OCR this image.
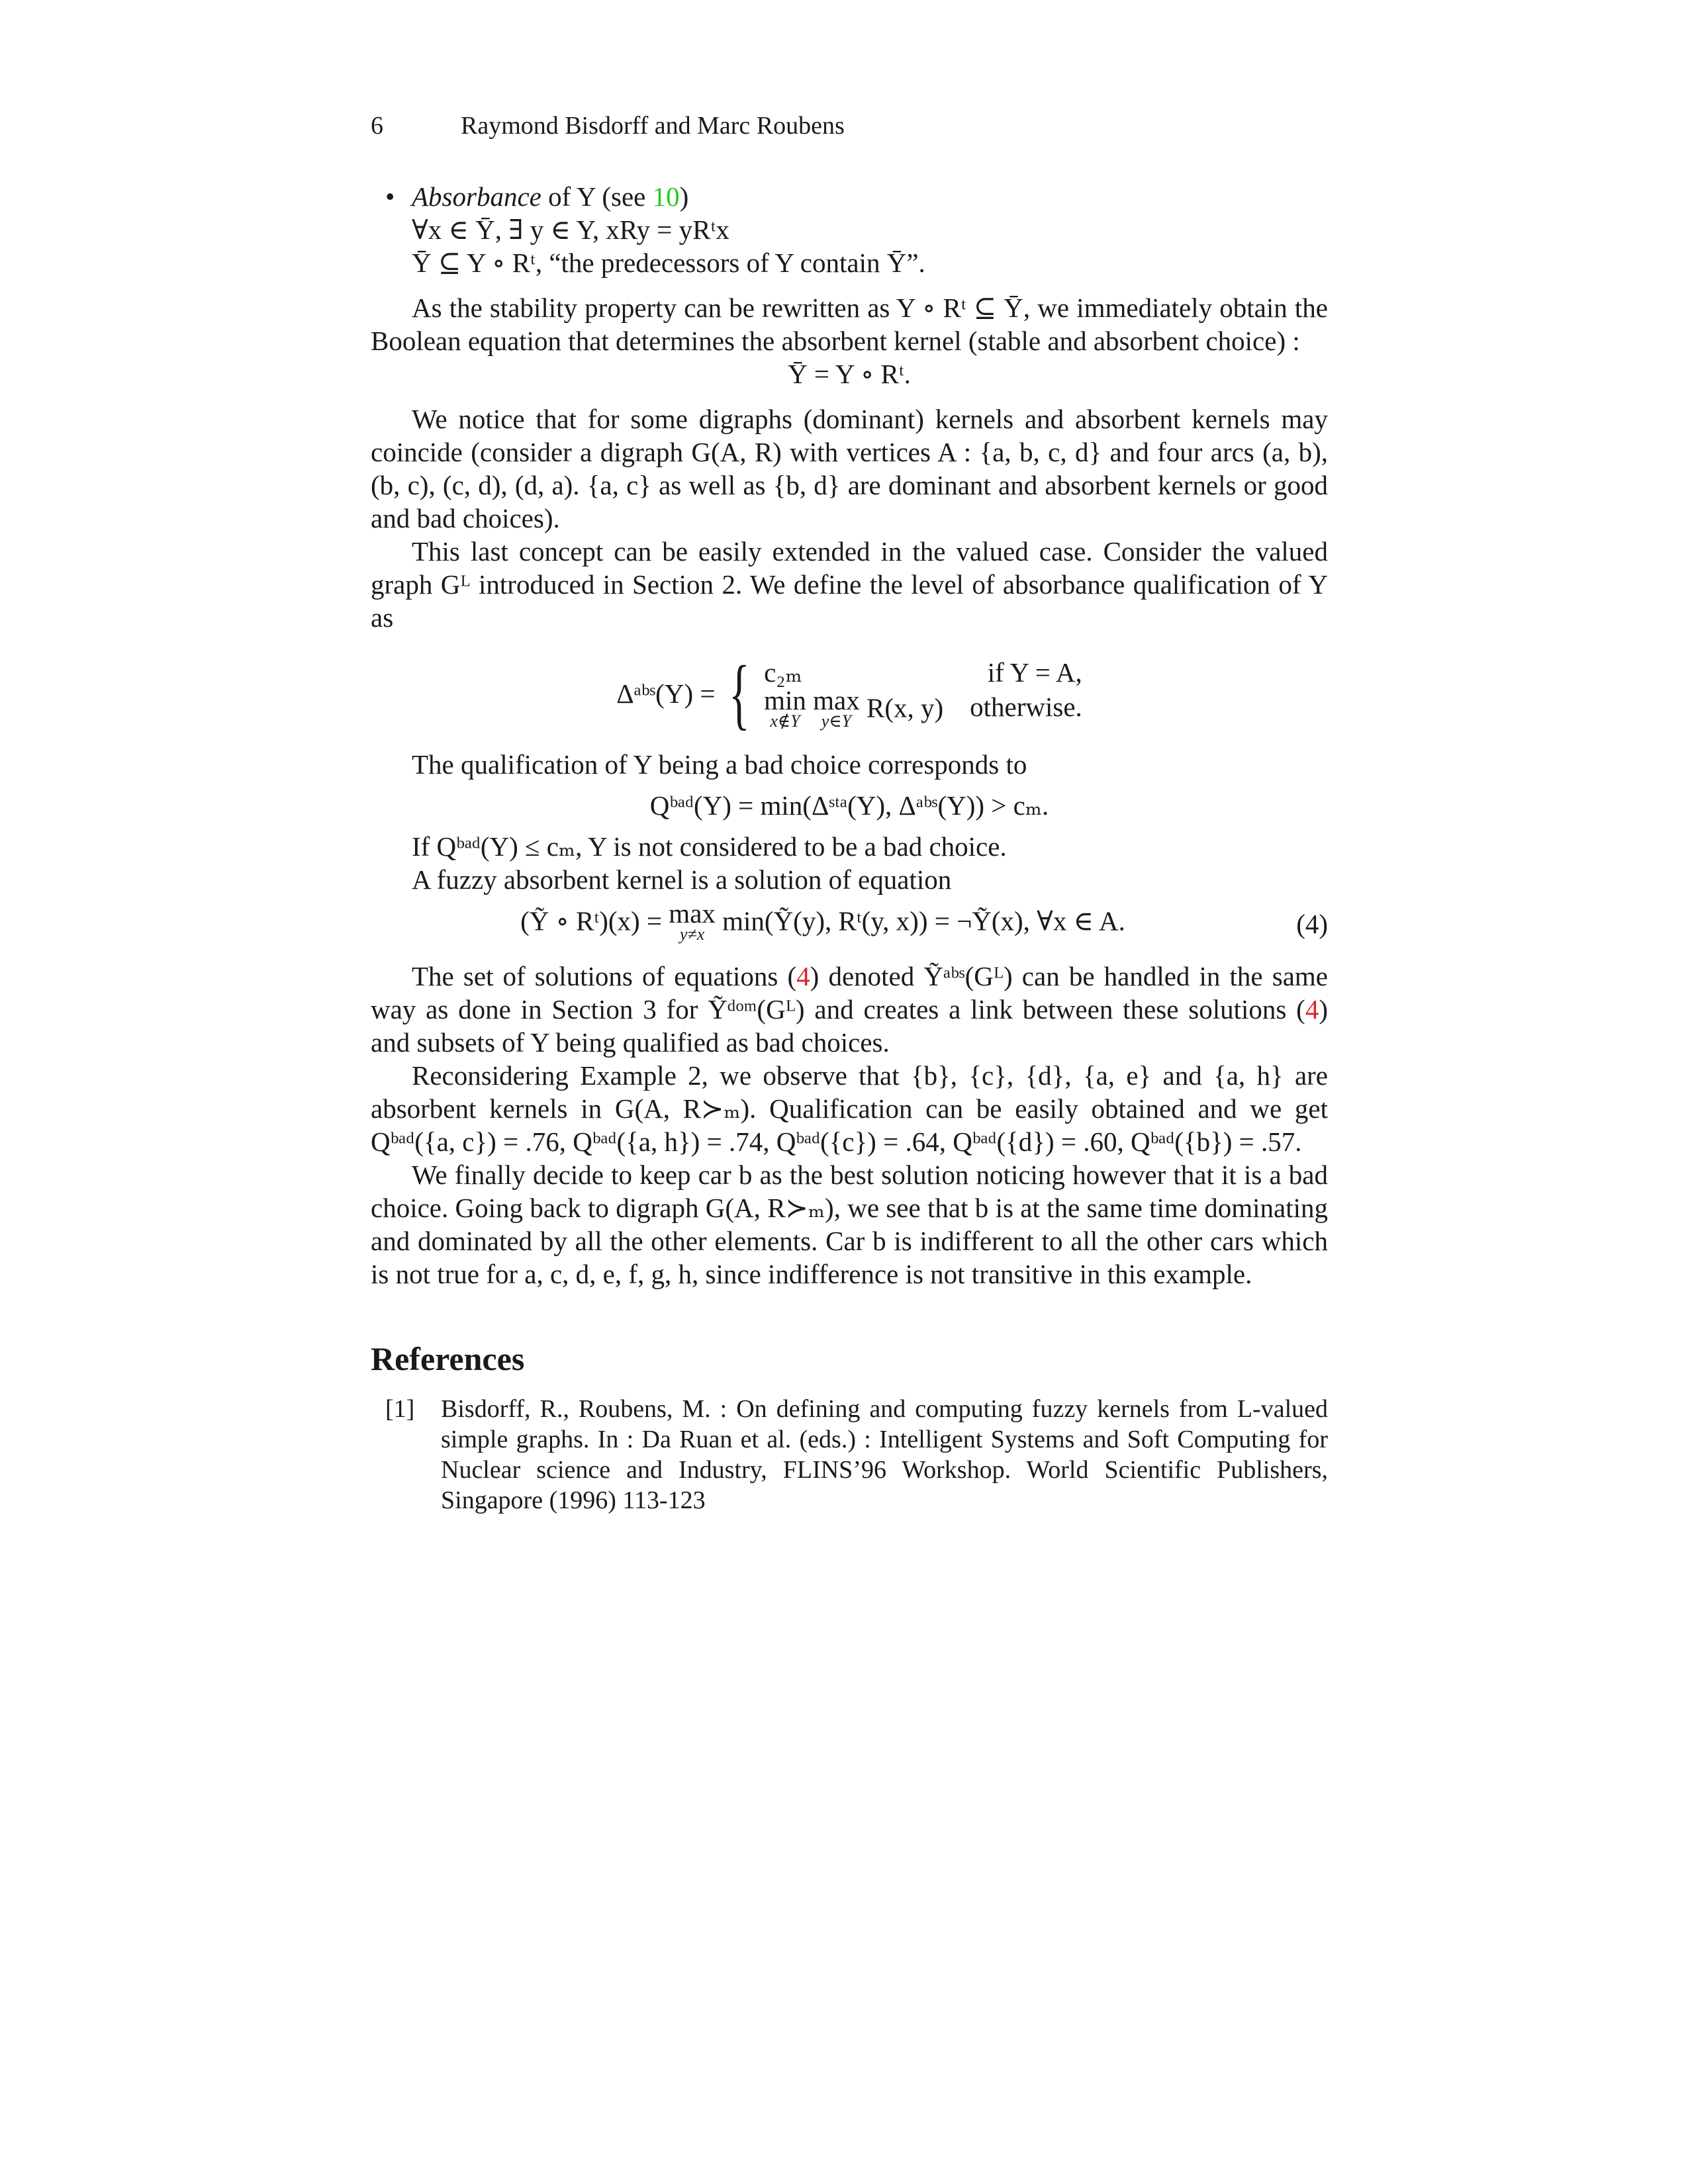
6	Raymond Bisdorff and Marc Roubens
• Absorbance of Y (see 10)
∀x ∈ Ȳ, ∃ y ∈ Y, xRy = yRᵗx
Ȳ ⊆ Y ∘ Rᵗ, “the predecessors of Y contain Ȳ”.

As the stability property can be rewritten as Y ∘ Rᵗ ⊆ Ȳ, we immediately obtain the Boolean equation that determines the absorbent kernel (stable and absorbent choice) :

Ȳ = Y ∘ Rᵗ.

We notice that for some digraphs (dominant) kernels and absorbent kernels may coincide (consider a digraph G(A, R) with vertices A : {a, b, c, d} and four arcs (a, b), (b, c), (c, d), (d, a). {a, c} as well as {b, d} are dominant and absorbent kernels or good and bad choices).

This last concept can be easily extended in the valued case. Consider the valued graph Gᴸ introduced in Section 2. We define the level of absorbance qualification of Y as

Δᵃᵇˢ(Y) = { c₂ₘ	if Y = A,
min
x∉Y

max
y∈Y R(x, y) otherwise.

The qualification of Y being a bad choice corresponds to

Qᵇᵃᵈ(Y) = min(Δˢᵗᵃ(Y), Δᵃᵇˢ(Y)) > cₘ.

If Qᵇᵃᵈ(Y) ≤ cₘ, Y is not considered to be a bad choice.

A fuzzy absorbent kernel is a solution of equation

(Ỹ ∘ Rᵗ)(x) = max
y≠x min(Ỹ(y), Rᵗ(y, x)) = ¬Ỹ(x), ∀x ∈ A.	(4)

The set of solutions of equations (4) denoted Ỹᵃᵇˢ(Gᴸ) can be handled in the same way as done in Section 3 for Ỹᵈᵒᵐ(Gᴸ) and creates a link between these solutions (4) and subsets of Y being qualified as bad choices.

Reconsidering Example 2, we observe that {b}, {c}, {d}, {a, e} and {a, h} are absorbent kernels in G(A, R≻ₘ). Qualification can be easily obtained and we get Qᵇᵃᵈ({a, c}) = .76, Qᵇᵃᵈ({a, h}) = .74, Qᵇᵃᵈ({c}) = .64, Qᵇᵃᵈ({d}) = .60, Qᵇᵃᵈ({b}) = .57.

We finally decide to keep car b as the best solution noticing however that it is a bad choice. Going back to digraph G(A, R≻ₘ), we see that b is at the same time dominating and dominated by all the other elements. Car b is indifferent to all the other cars which is not true for a, c, d, e, f, g, h, since indifference is not transitive in this example.

References
[1]	Bisdorff, R., Roubens, M. : On defining and computing fuzzy kernels from L-valued simple graphs. In : Da Ruan et al. (eds.) : Intelligent Systems and Soft Computing for Nuclear science and Industry, FLINS’96 Workshop. World Scientific Publishers, Singapore (1996) 113-123
